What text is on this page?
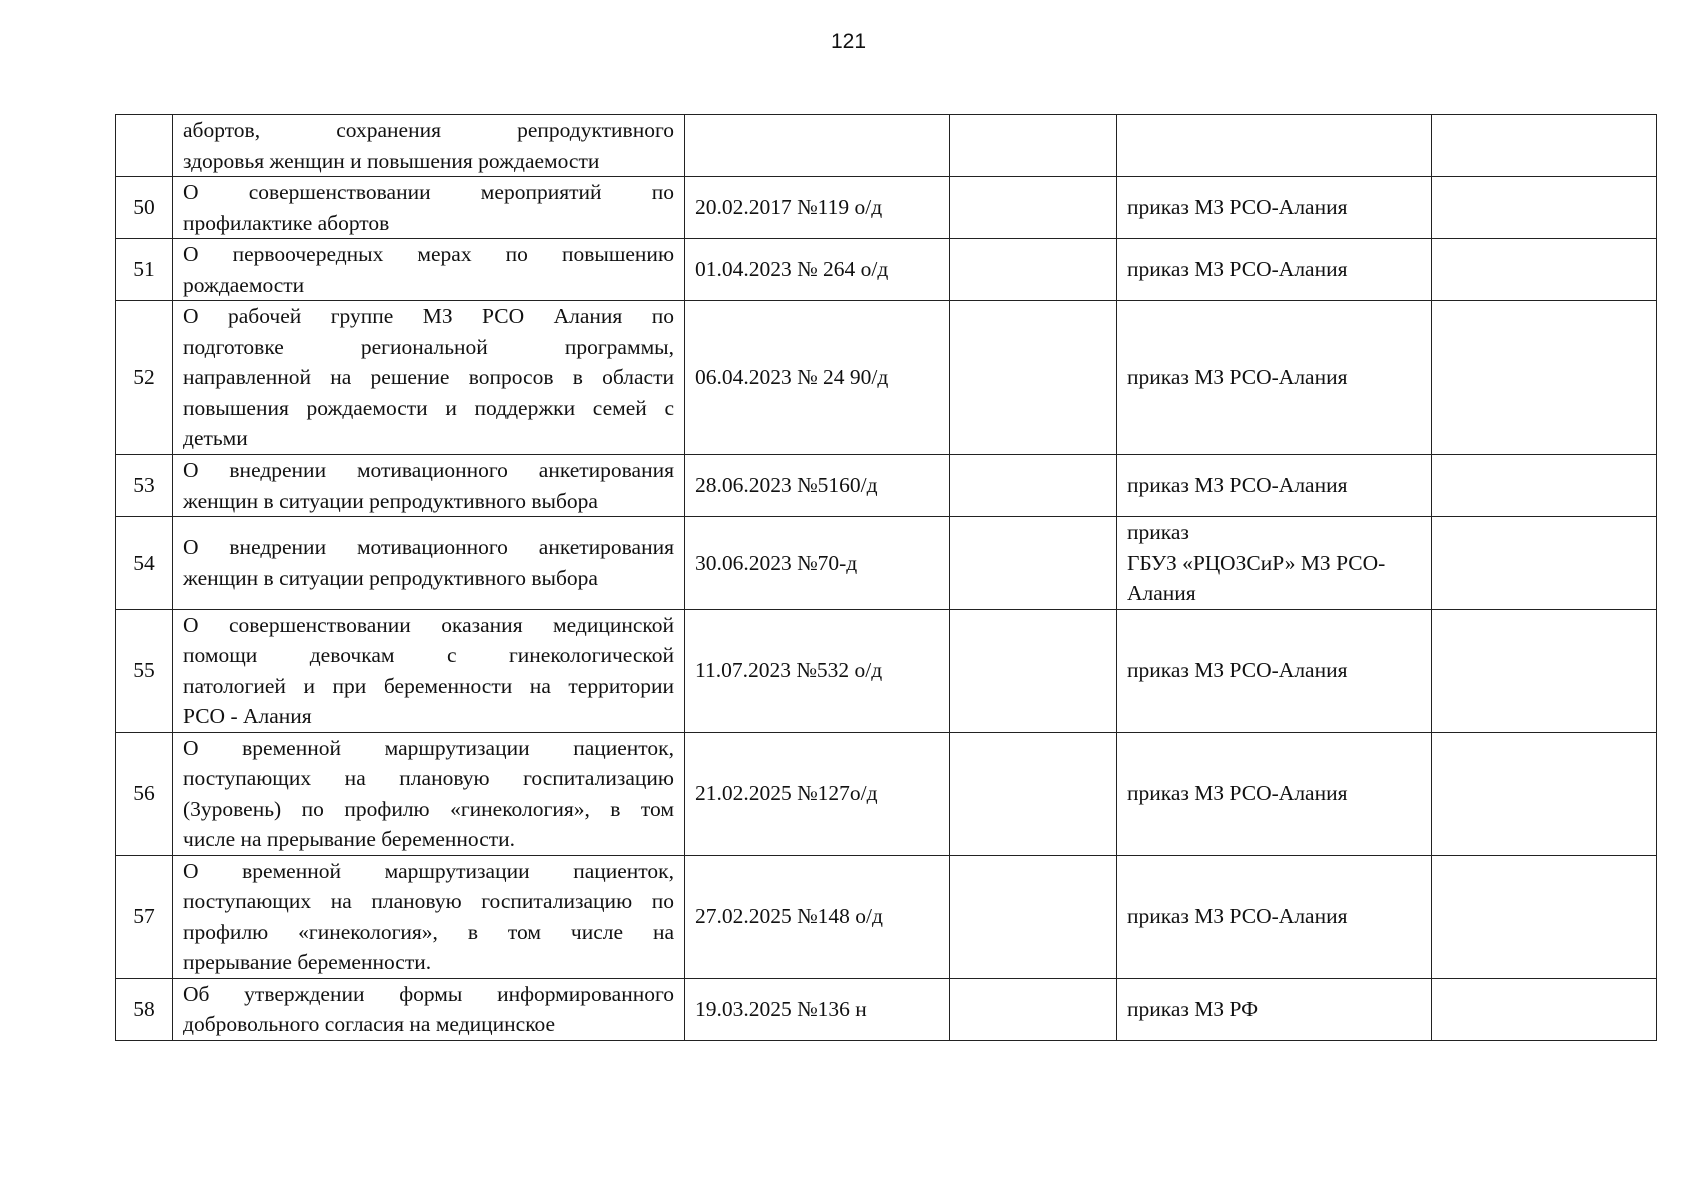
121

	абортов, сохранения репродуктивного
здоровья женщин и повышения рождаемости				

50	О совершенствовании мероприятий по
профилактике абортов	20.02.2017 №119 о/д		приказ МЗ РСО-Алания	

51	О первоочередных мерах по повышению
рождаемости	01.04.2023 № 264 о/д		приказ МЗ РСО-Алания	

52	О рабочей группе МЗ РСО Алания по
подготовке региональной программы,
направленной на решение вопросов в области
повышения рождаемости и поддержки семей с
детьми	06.04.2023 № 24 90/д		приказ МЗ РСО-Алания	

53	О внедрении мотивационного анкетирования
женщин в ситуации репродуктивного выбора	28.06.2023 №5160/д		приказ МЗ РСО-Алания	

54	О внедрении мотивационного анкетирования
женщин в ситуации репродуктивного выбора	30.06.2023 №70-д		приказ
ГБУЗ «РЦОЗСиР» МЗ РСО-
Алания	

55	О совершенствовании оказания медицинской
помощи девочкам с гинекологической
патологией и при беременности на территории
РСО - Алания	11.07.2023 №532 о/д		приказ МЗ РСО-Алания	

56	О временной маршрутизации пациенток,
поступающих на плановую госпитализацию
(3уровень) по профилю «гинекология», в том
числе на прерывание беременности.	21.02.2025 №127о/д		приказ МЗ РСО-Алания	

57	О временной маршрутизации пациенток,
поступающих на плановую госпитализацию по
профилю «гинекология», в том числе на
прерывание беременности.	27.02.2025 №148 о/д		приказ МЗ РСО-Алания	

58	Об утверждении формы информированного
добровольного согласия на медицинское	19.03.2025 №136 н		приказ МЗ РФ	
